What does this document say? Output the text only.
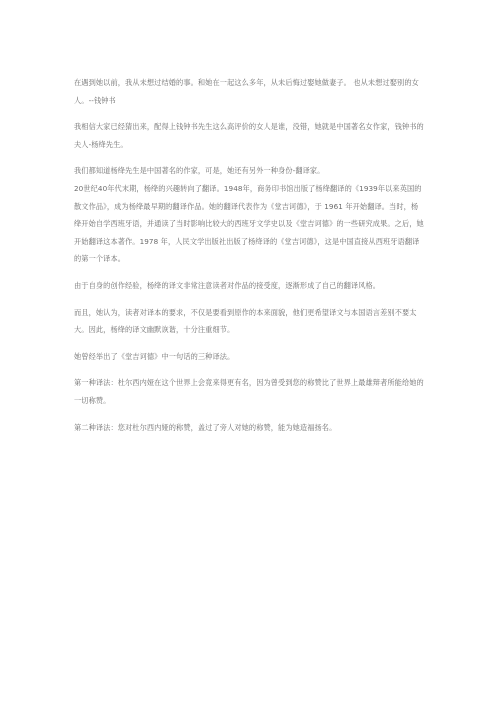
在遇到她以前，我从未想过结婚的事。和她在一起这么多年，从未后悔过娶她做妻子。 也从未想过娶别的女人。--钱钟书

我相信大家已经猜出来，配得上钱钟书先生这么高评价的女人是谁，没错，她就是中国著名女作家，钱钟书的夫人-杨绛先生。

我们都知道杨绛先生是中国著名的作家，可是，她还有另外一种身份-翻译家。

20世纪40年代末期，杨绛的兴趣转向了翻译。1948年，商务印书馆出版了杨绛翻译的《1939年以来英国的散文作品》，成为杨绛最早期的翻译作品。她的翻译代表作为《堂吉诃德》，于 1961 年开始翻译。当时，杨绛开始自学西班牙语，并通读了当时影响比较大的西班牙文学史以及《堂吉诃德》的一些研究成果。之后，她开始翻译这本著作。1978 年，人民文学出版社出版了杨绛译的《堂吉诃德》，这是中国直接从西班牙语翻译的第一个译本。

由于自身的创作经验，杨绛的译文非常注意读者对作品的接受度，逐渐形成了自己的翻译风格。

而且，她认为，读者对译本的要求，不仅是要看到原作的本来面貌，他们更希望译文与本国语言差别不要太大。因此，杨绛的译文幽默诙谐，十分注重细节。

她曾经举出了《堂吉诃德》中一句话的三种译法。

第一种译法：杜尔西内娅在这个世界上会竟来得更有名，因为曾受到您的称赞比了世界上最雄辩者所能给她的一切称赞。

第二种译法：您对杜尔西内娅的称赞，盖过了旁人对她的称赞，能为她造福扬名。
